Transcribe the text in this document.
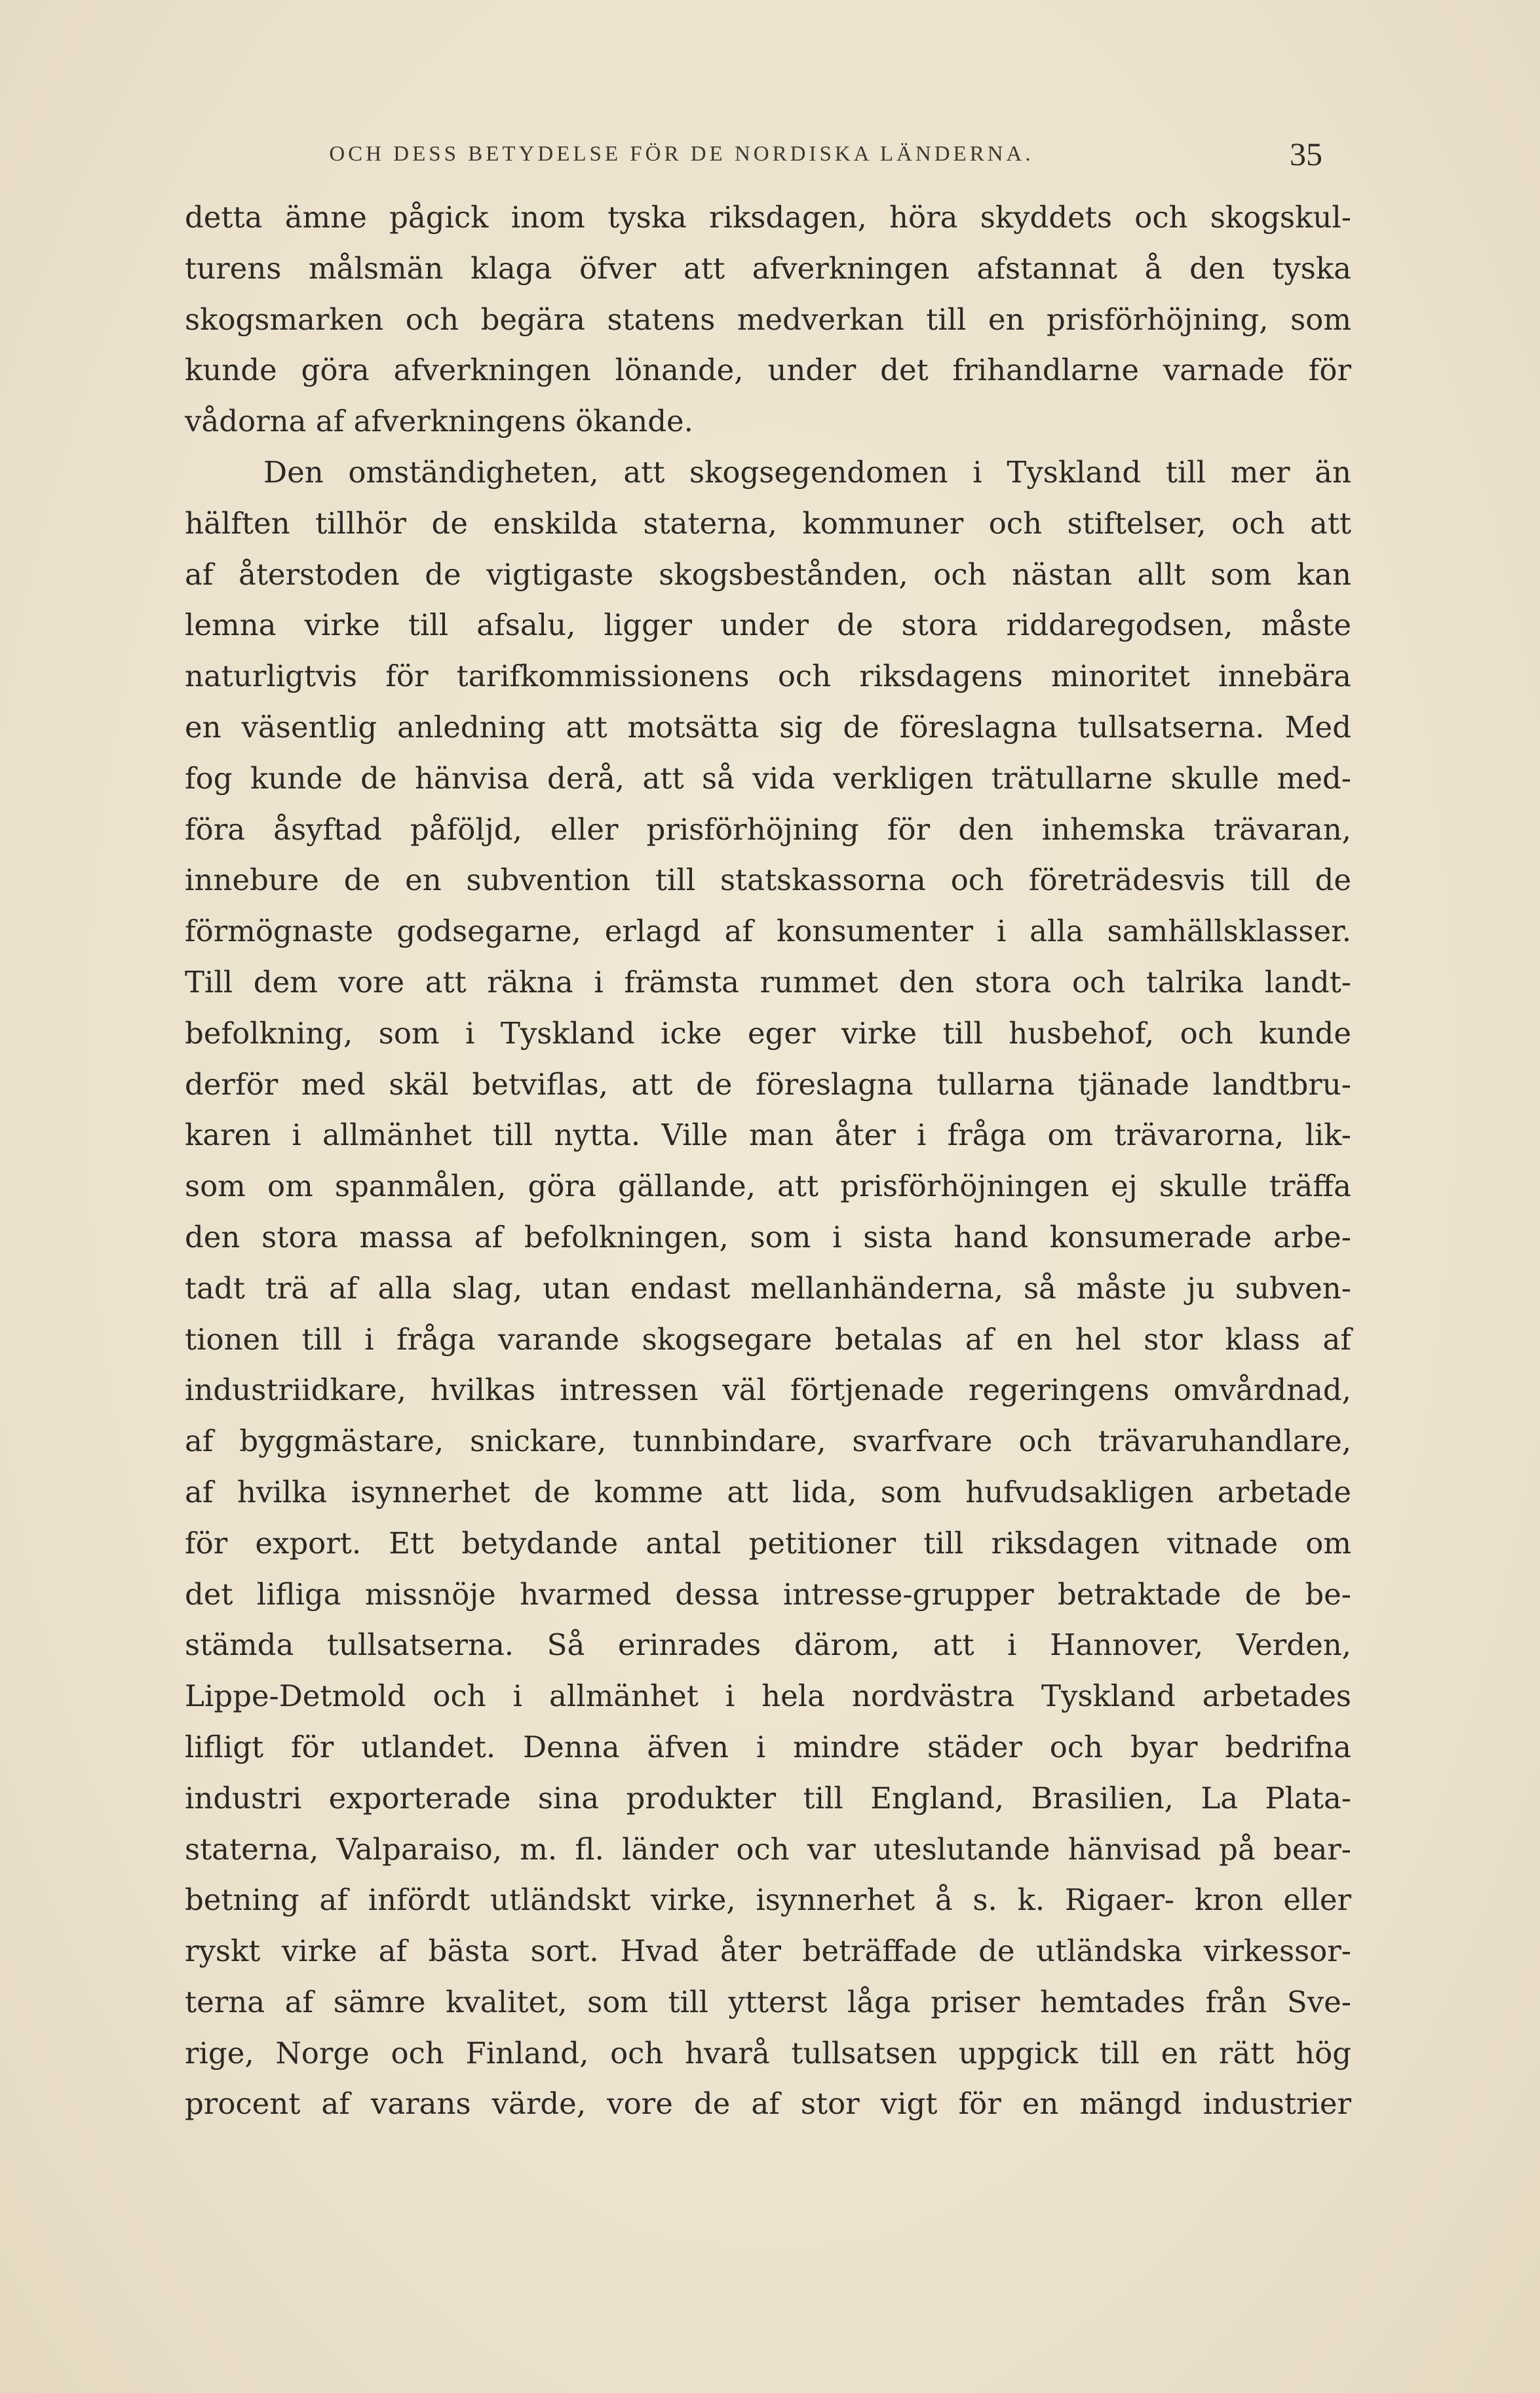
OCH DESS BETYDELSE FÖR DE NORDISKA LÄNDERNA.	35
detta ämne pågick inom tyska riksdagen, höra skyddets och skogskul-
turens målsmän klaga öfver att afverkningen afstannat å den tyska
skogsmarken och begära statens medverkan till en prisförhöjning, som
kunde göra afverkningen lönande, under det frihandlarne varnade för
vådorna af afverkningens ökande.
Den omständigheten, att skogsegendomen i Tyskland till mer än
hälften tillhör de enskilda staterna, kommuner och stiftelser, och att
af återstoden de vigtigaste skogsbestånden, och nästan allt som kan
lemna virke till afsalu, ligger under de stora riddaregodsen, måste
naturligtvis för tarifkommissionens och riksdagens minoritet innebära
en väsentlig anledning att motsätta sig de föreslagna tullsatserna. Med
fog kunde de hänvisa derå, att så vida verkligen trätullarne skulle med-
föra åsyftad påföljd, eller prisförhöjning för den inhemska trävaran,
innebure de en subvention till statskassorna och företrädesvis till de
förmögnaste godsegarne, erlagd af konsumenter i alla samhällsklasser.
Till dem vore att räkna i främsta rummet den stora och talrika landt-
befolkning, som i Tyskland icke eger virke till husbehof, och kunde
derför med skäl betviflas, att de föreslagna tullarna tjänade landtbru-
karen i allmänhet till nytta. Ville man åter i fråga om trävarorna, lik-
som om spanmålen, göra gällande, att prisförhöjningen ej skulle träffa
den stora massa af befolkningen, som i sista hand konsumerade arbe-
tadt trä af alla slag, utan endast mellanhänderna, så måste ju subven-
tionen till i fråga varande skogsegare betalas af en hel stor klass af
industriidkare, hvilkas intressen väl förtjenade regeringens omvårdnad,
af byggmästare, snickare, tunnbindare, svarfvare och trävaruhandlare,
af hvilka isynnerhet de komme att lida, som hufvudsakligen arbetade
för export. Ett betydande antal petitioner till riksdagen vitnade om
det lifliga missnöje hvarmed dessa intresse-grupper betraktade de be-
stämda tullsatserna. Så erinrades därom, att i Hannover, Verden,
Lippe-Detmold och i allmänhet i hela nordvästra Tyskland arbetades
lifligt för utlandet. Denna äfven i mindre städer och byar bedrifna
industri exporterade sina produkter till England, Brasilien, La Plata-
staterna, Valparaiso, m. fl. länder och var uteslutande hänvisad på bear-
betning af infördt utländskt virke, isynnerhet å s. k. Rigaer- kron eller
ryskt virke af bästa sort. Hvad åter beträffade de utländska virkessor-
terna af sämre kvalitet, som till ytterst låga priser hemtades från Sve-
rige, Norge och Finland, och hvarå tullsatsen uppgick till en rätt hög
procent af varans värde, vore de af stor vigt för en mängd industrier
